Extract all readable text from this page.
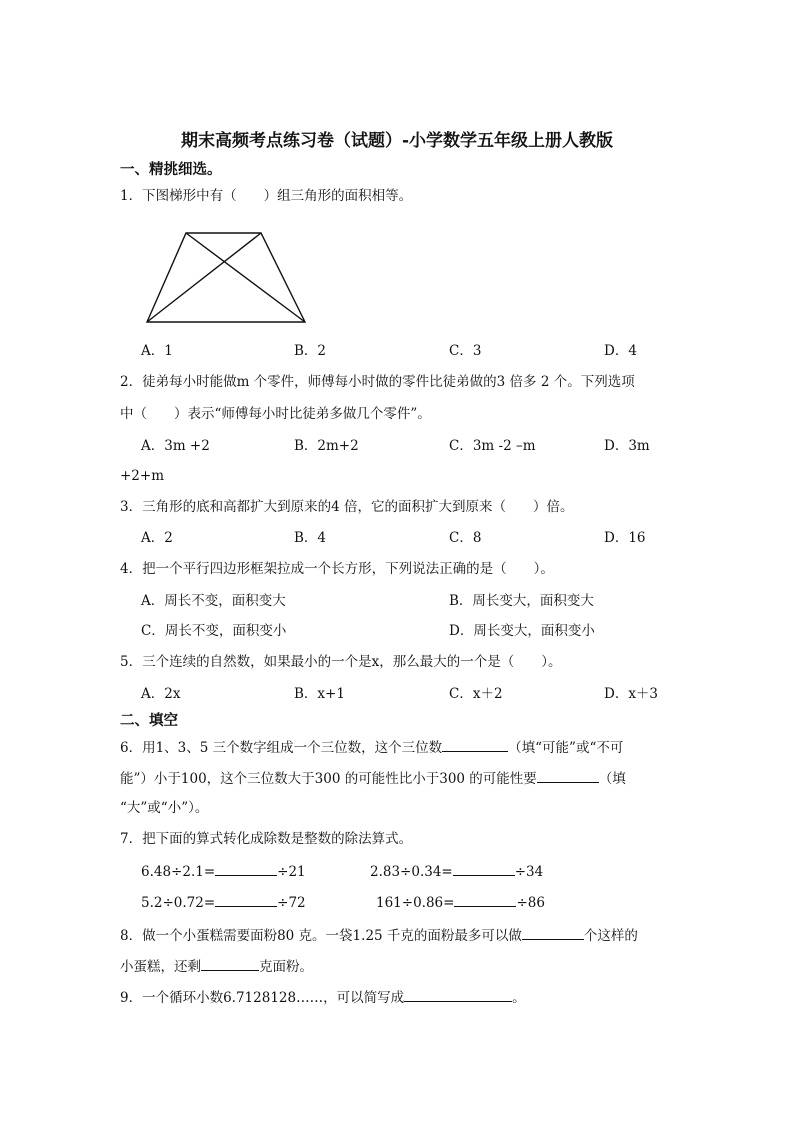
期末高频考点练习卷（试题）-小学数学五年级上册人教版
一、精挑细选。
1．下图梯形中有（　　）组三角形的面积相等。
A．1	B．2	C．3	D．4
2．徒弟每小时能做m 个零件，师傅每小时做的零件比徒弟做的3 倍多 2 个。下列选项
中（　　）表示“师傅每小时比徒弟多做几个零件”。
A．3m +2	B．2m+2	C．3m -2 –m	D．3m
+2+m
3．三角形的底和高都扩大到原来的4 倍，它的面积扩大到原来（　　）倍。
A．2	B．4	C．8	D．16
4．把一个平行四边形框架拉成一个长方形，下列说法正确的是（　　）。
A．周长不变，面积变大	B．周长变大，面积变大
C．周长不变，面积变小	D．周长变大，面积变小
5．三个连续的自然数，如果最小的一个是x，那么最大的一个是（　　）。
A．2x	B．x+1	C．x＋2	D．x＋3
二、填空
6．用1、3、5 三个数字组成一个三位数，这个三位数	（填“可能”或“不可
能”）小于100，这个三位数大于300 的可能性比小于300 的可能性要	（填
“大”或“小”）。
7．把下面的算式转化成除数是整数的除法算式。
6.48÷2.1=	÷21	2.83÷0.34=	÷34
5.2÷0.72=	÷72	161÷0.86=	÷86
8．做一个小蛋糕需要面粉80 克。一袋1.25 千克的面粉最多可以做	个这样的
小蛋糕，还剩	克面粉。
9．一个循环小数6.7128128……，可以简写成	。
